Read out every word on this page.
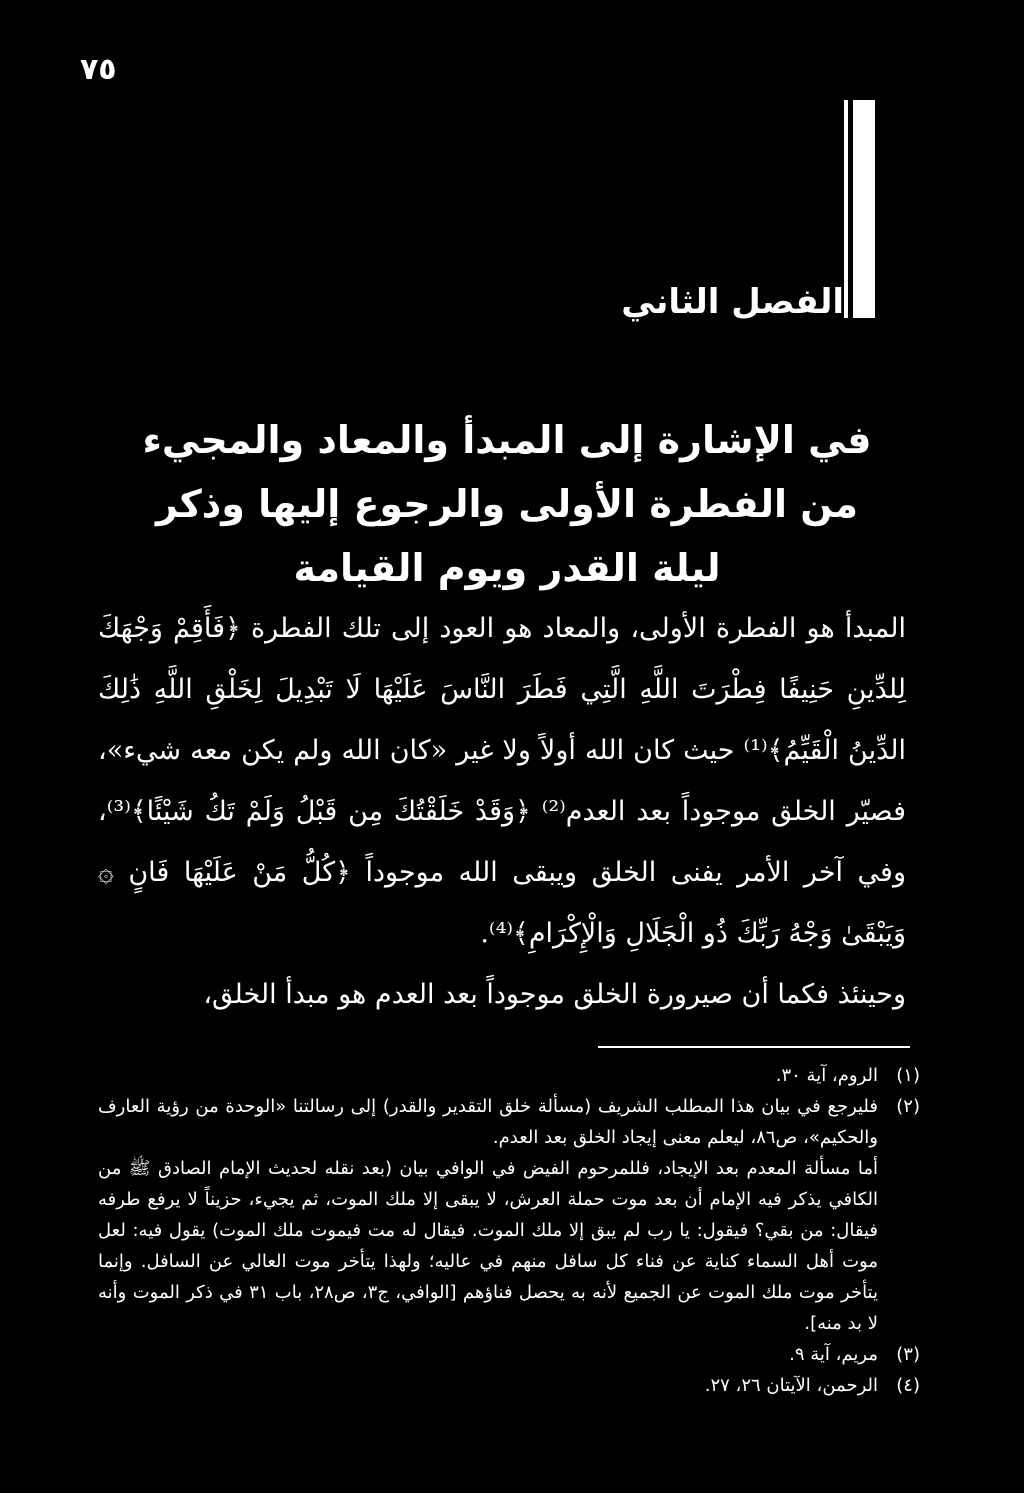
٧٥
الفصل الثاني
في الإشارة إلى المبدأ والمعاد والمجيء من الفطرة الأولى والرجوع إليها وذكر ليلة القدر ويوم القيامة

المبدأ هو الفطرة الأولى، والمعاد هو العود إلى تلك الفطرة ﴿فَأَقِمْ وَجْهَكَ لِلدِّينِ حَنِيفًا فِطْرَتَ اللَّهِ الَّتِي فَطَرَ النَّاسَ عَلَيْهَا لَا تَبْدِيلَ لِخَلْقِ اللَّهِ ذَٰلِكَ الدِّينُ الْقَيِّمُ﴾⁽¹⁾ حيث كان الله أولاً ولا غير «كان الله ولم يكن معه شيء»، فصيّر الخلق موجوداً بعد العدم⁽²⁾ ﴿وَقَدْ خَلَقْتُكَ مِن قَبْلُ وَلَمْ تَكُ شَيْئًا﴾⁽³⁾، وفي آخر الأمر يفنى الخلق ويبقى الله موجوداً ﴿كُلُّ مَنْ عَلَيْهَا فَانٍ ۞ وَيَبْقَىٰ وَجْهُ رَبِّكَ ذُو الْجَلَالِ وَالْإِكْرَامِ﴾⁽⁴⁾.

وحينئذ فكما أن صيرورة الخلق موجوداً بعد العدم هو مبدأ الخلق،

(١)
الروم، آية ٣٠.
(٢)
فليرجع في بيان هذا المطلب الشريف (مسألة خلق التقدير والقدر) إلى رسالتنا «الوحدة من رؤية العارف والحكيم»، ص٨٦، ليعلم معنى إيجاد الخلق بعد العدم.
أما مسألة المعدم بعد الإيجاد، فللمرحوم الفيض في الوافي بيان (بعد نقله لحديث الإمام الصادق ﷺ من الكافي يذكر فيه الإمام أن بعد موت حملة العرش، لا يبقى إلا ملك الموت، ثم يجيء، حزيناً لا يرفع طرفه فيقال: من بقي؟ فيقول: يا رب لم يبق إلا ملك الموت. فيقال له مت فيموت ملك الموت) يقول فيه: لعل موت أهل السماء كناية عن فناء كل سافل منهم في عاليه؛ ولهذا يتأخر موت العالي عن السافل. وإنما يتأخر موت ملك الموت عن الجميع لأنه به يحصل فناؤهم [الوافي، ج٣، ص٢٨، باب ٣١ في ذكر الموت وأنه لا بد منه].
(٣)
مريم، آية ٩.
(٤)
الرحمن، الآيتان ٢٦، ٢٧.
